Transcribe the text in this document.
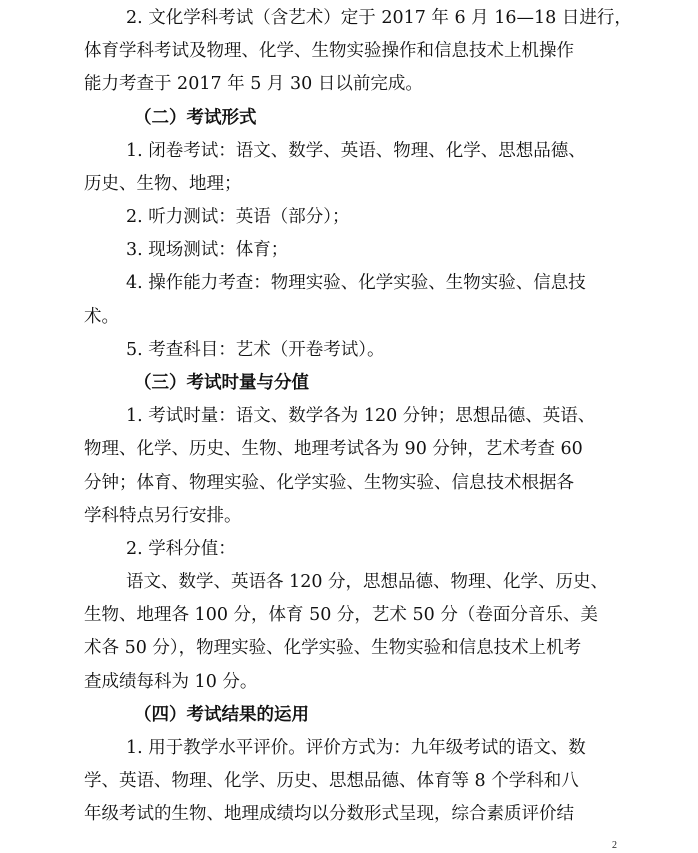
2. 文化学科考试（含艺术）定于 2017 年 6 月 16—18 日进行，

体育学科考试及物理、化学、生物实验操作和信息技术上机操作

能力考查于 2017 年 5 月 30 日以前完成。

（二）考试形式

1. 闭卷考试：语文、数学、英语、物理、化学、思想品德、

历史、生物、地理；

2. 听力测试：英语（部分）；

3. 现场测试：体育；

4. 操作能力考查：物理实验、化学实验、生物实验、信息技

术。

5. 考查科目：艺术（开卷考试）。

（三）考试时量与分值

1. 考试时量：语文、数学各为 120 分钟；思想品德、英语、

物理、化学、历史、生物、地理考试各为 90 分钟，艺术考查 60

分钟；体育、物理实验、化学实验、生物实验、信息技术根据各

学科特点另行安排。

2. 学科分值：

语文、数学、英语各 120 分，思想品德、物理、化学、历史、

生物、地理各 100 分，体育 50 分，艺术 50 分（卷面分音乐、美

术各 50 分），物理实验、化学实验、生物实验和信息技术上机考

查成绩每科为 10 分。

（四）考试结果的运用

1. 用于教学水平评价。评价方式为：九年级考试的语文、数

学、英语、物理、化学、历史、思想品德、体育等 8 个学科和八

年级考试的生物、地理成绩均以分数形式呈现，综合素质评价结

2
